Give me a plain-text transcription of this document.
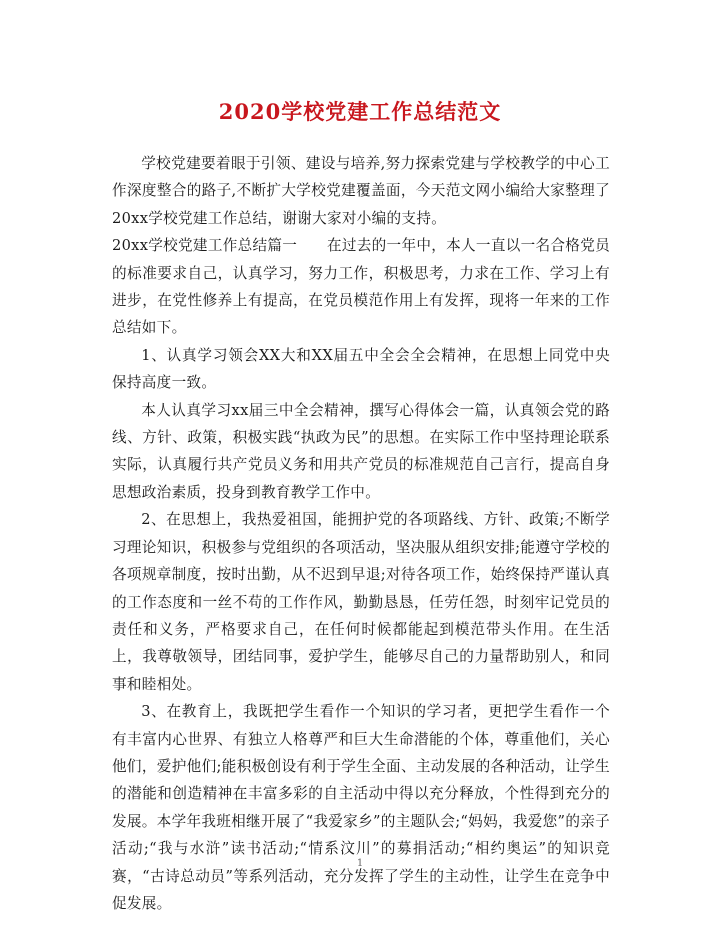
2020学校党建工作总结范文

学校党建要着眼于引领、建设与培养,努力探索党建与学校教学的中心工作深度整合的路子,不断扩大学校党建覆盖面，今天范文网小编给大家整理了20xx学校党建工作总结，谢谢大家对小编的支持。

20xx学校党建工作总结篇一　　在过去的一年中，本人一直以一名合格党员的标准要求自己，认真学习，努力工作，积极思考，力求在工作、学习上有进步，在党性修养上有提高，在党员模范作用上有发挥，现将一年来的工作总结如下。

1、认真学习领会XX大和XX届五中全会全会精神，在思想上同党中央保持高度一致。

本人认真学习xx届三中全会精神，撰写心得体会一篇，认真领会党的路线、方针、政策，积极实践“执政为民”的思想。在实际工作中坚持理论联系实际，认真履行共产党员义务和用共产党员的标准规范自己言行，提高自身思想政治素质，投身到教育教学工作中。

2、在思想上，我热爱祖国，能拥护党的各项路线、方针、政策;不断学习理论知识，积极参与党组织的各项活动，坚决服从组织安排;能遵守学校的各项规章制度，按时出勤，从不迟到早退;对待各项工作，始终保持严谨认真的工作态度和一丝不苟的工作作风，勤勤恳恳，任劳任怨，时刻牢记党员的责任和义务，严格要求自己，在任何时候都能起到模范带头作用。在生活上，我尊敬领导，团结同事，爱护学生，能够尽自己的力量帮助别人，和同事和睦相处。

3、在教育上，我既把学生看作一个知识的学习者，更把学生看作一个有丰富内心世界、有独立人格尊严和巨大生命潜能的个体，尊重他们，关心他们，爱护他们;能积极创设有利于学生全面、主动发展的各种活动，让学生的潜能和创造精神在丰富多彩的自主活动中得以充分释放，个性得到充分的发展。本学年我班相继开展了“我爱家乡”的主题队会;“妈妈，我爱您”的亲子活动;“我与水浒”读书活动;“情系汶川”的募捐活动;“相约奥运”的知识竞赛，“古诗总动员”等系列活动，充分发挥了学生的主动性，让学生在竞争中促发展。

1
